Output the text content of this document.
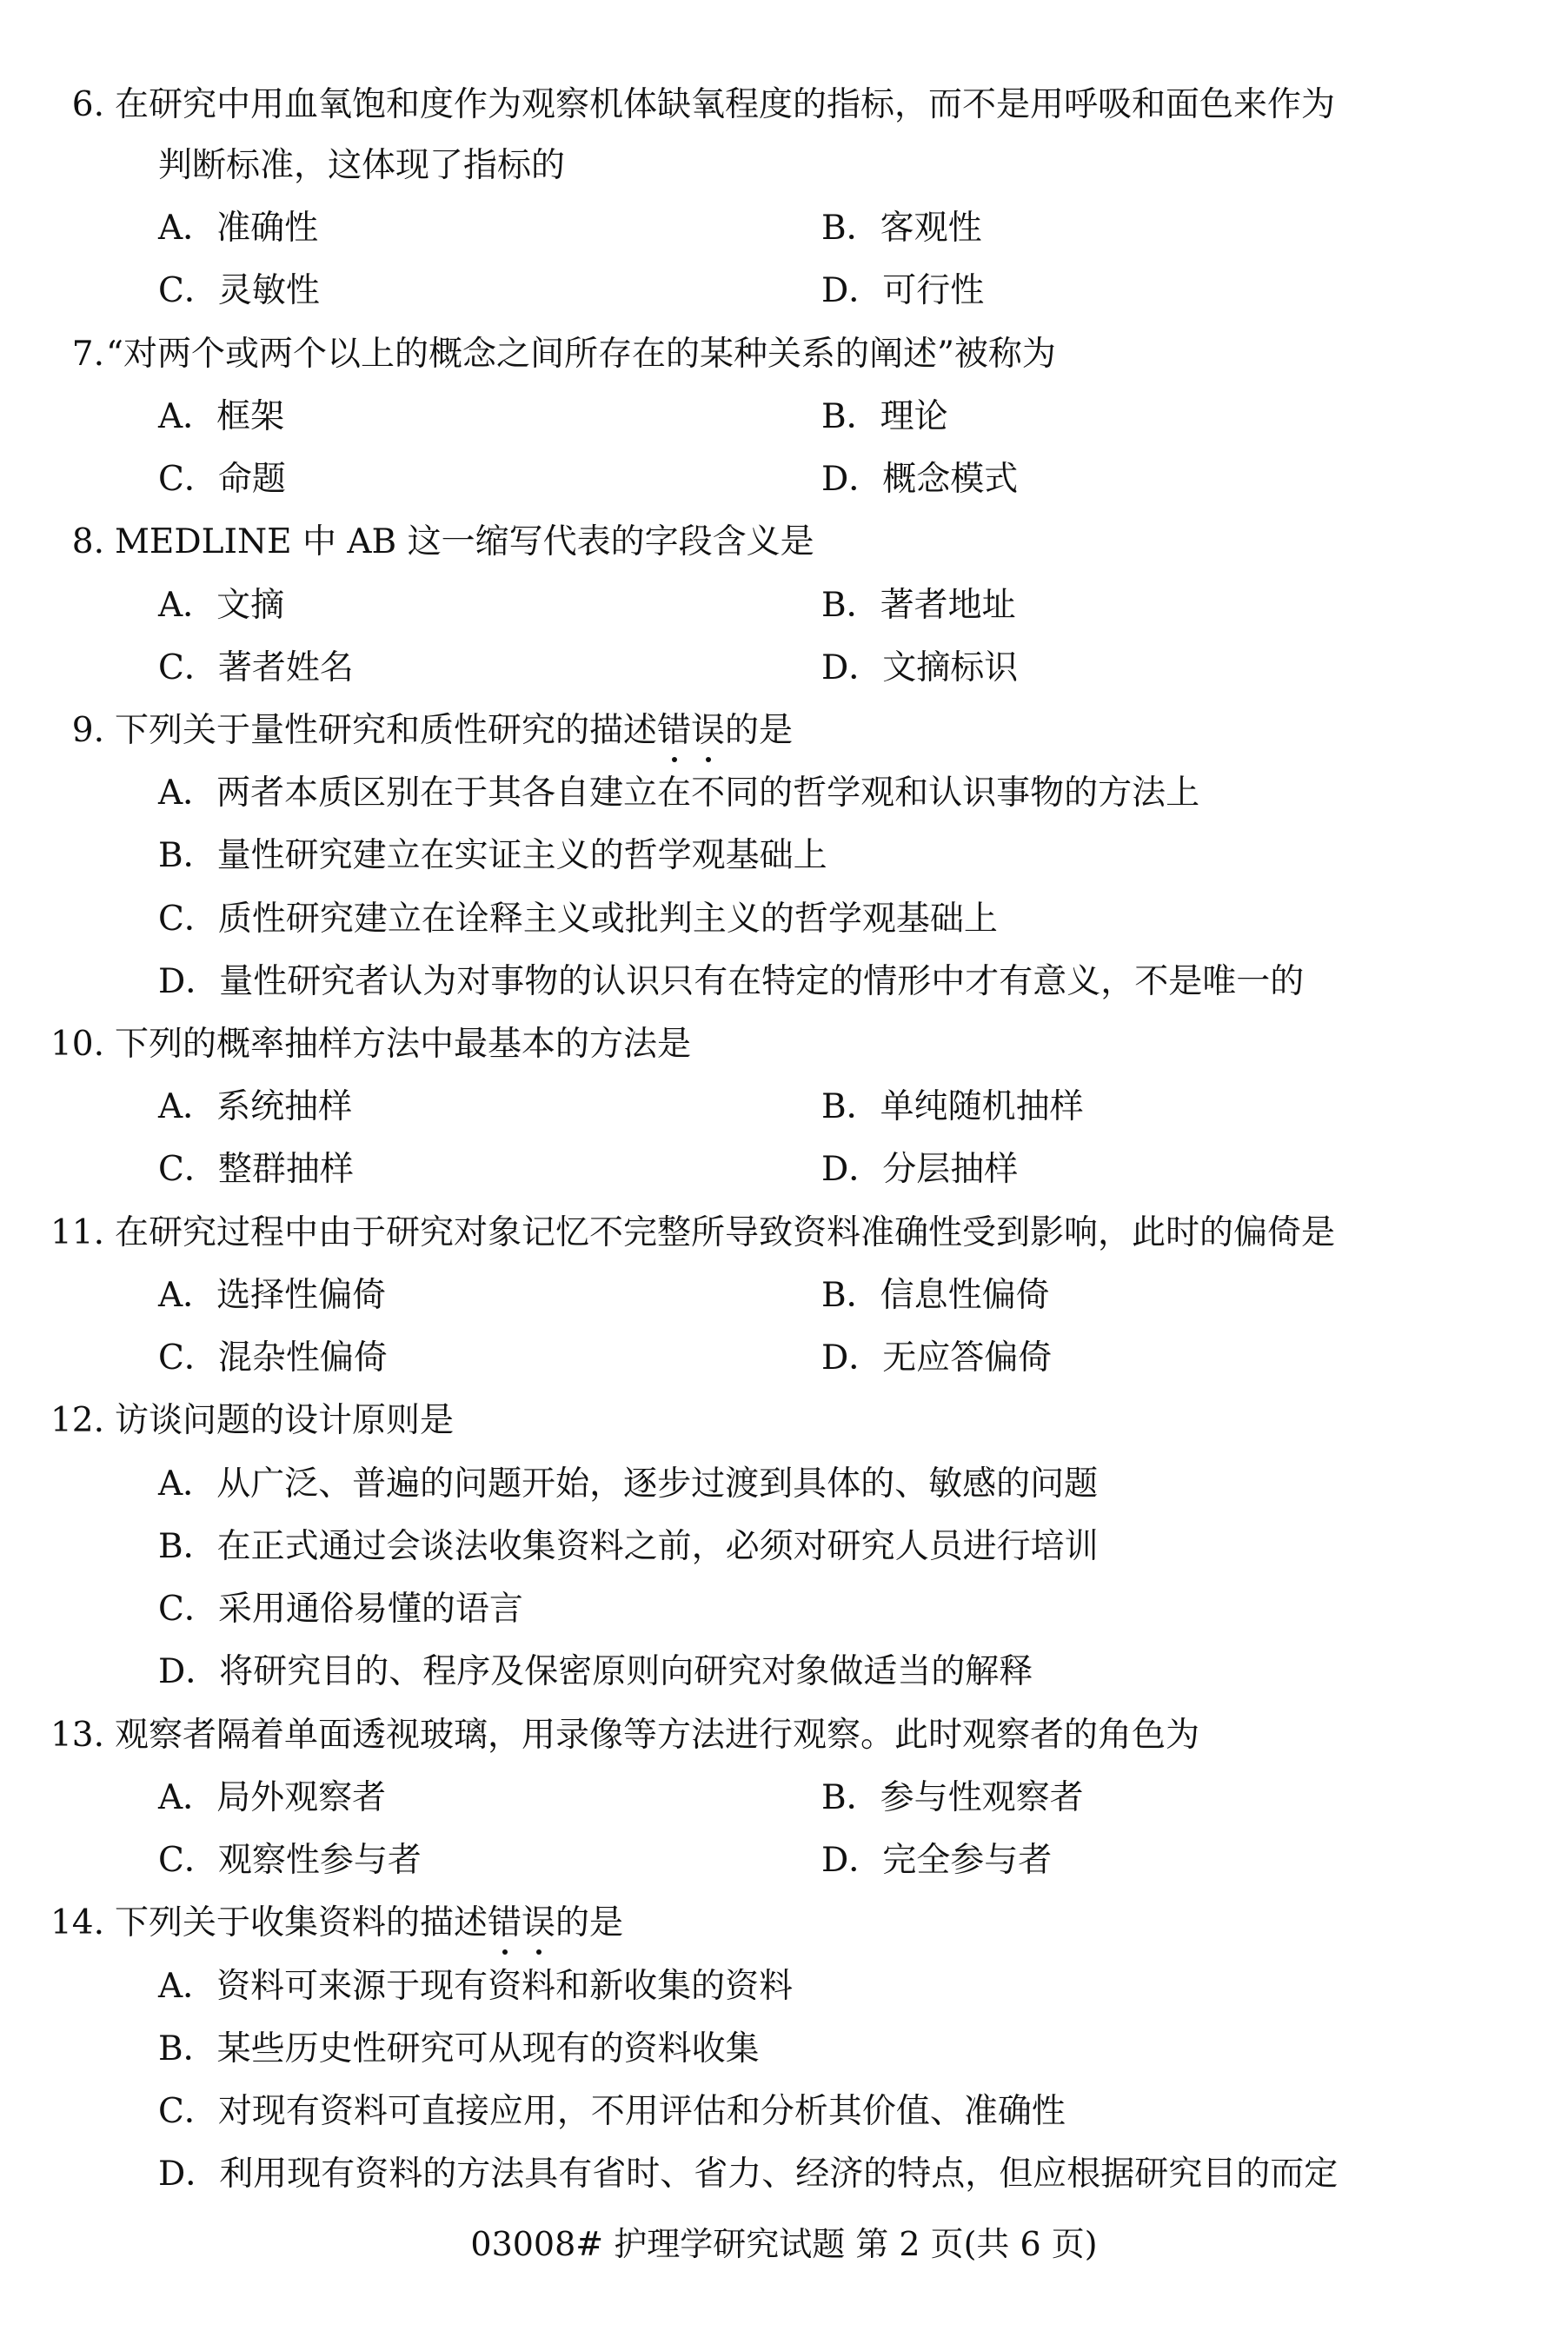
6. 在研究中用血氧饱和度作为观察机体缺氧程度的指标，而不是用呼吸和面色来作为
判断标准，这体现了指标的
A．准确性	B．客观性
C．灵敏性	D．可行性
7.“对两个或两个以上的概念之间所存在的某种关系的阐述”被称为
A．框架	B．理论
C．命题	D．概念模式
8. MEDLINE 中 AB 这一缩写代表的字段含义是
A．文摘	B．著者地址
C．著者姓名	D．文摘标识
9. 下列关于量性研究和质性研究的描述错误的是
A．两者本质区别在于其各自建立在不同的哲学观和认识事物的方法上
B．量性研究建立在实证主义的哲学观基础上
C．质性研究建立在诠释主义或批判主义的哲学观基础上
D．量性研究者认为对事物的认识只有在特定的情形中才有意义，不是唯一的
10. 下列的概率抽样方法中最基本的方法是
A．系统抽样	B．单纯随机抽样
C．整群抽样	D．分层抽样
11. 在研究过程中由于研究对象记忆不完整所导致资料准确性受到影响，此时的偏倚是
A．选择性偏倚	B．信息性偏倚
C．混杂性偏倚	D．无应答偏倚
12. 访谈问题的设计原则是
A．从广泛、普遍的问题开始，逐步过渡到具体的、敏感的问题
B．在正式通过会谈法收集资料之前，必须对研究人员进行培训
C．采用通俗易懂的语言
D．将研究目的、程序及保密原则向研究对象做适当的解释
13. 观察者隔着单面透视玻璃，用录像等方法进行观察。此时观察者的角色为
A．局外观察者	B．参与性观察者
C．观察性参与者	D．完全参与者
14. 下列关于收集资料的描述错误的是
A．资料可来源于现有资料和新收集的资料
B．某些历史性研究可从现有的资料收集
C．对现有资料可直接应用，不用评估和分析其价值、准确性
D．利用现有资料的方法具有省时、省力、经济的特点，但应根据研究目的而定
03008# 护理学研究试题 第 2 页(共 6 页)
